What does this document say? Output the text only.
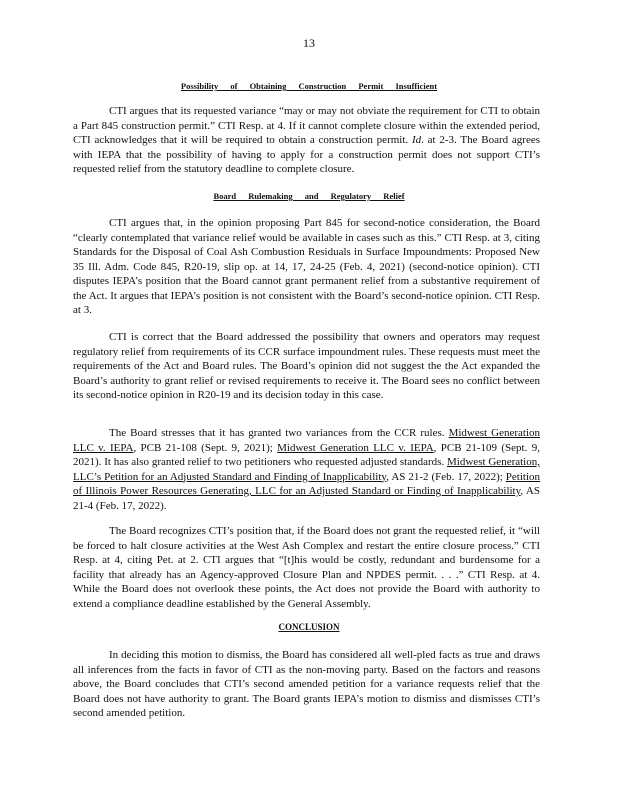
13
Possibility of Obtaining Construction Permit Insufficient

CTI argues that its requested variance “may or may not obviate the requirement for CTI to obtain a Part 845 construction permit.” CTI Resp. at 4. If it cannot complete closure within the extended period, CTI acknowledges that it will be required to obtain a construction permit. Id. at 2-3. The Board agrees with IEPA that the possibility of having to apply for a construction permit does not support CTI’s requested relief from the statutory deadline to complete closure.

Board Rulemaking and Regulatory Relief

CTI argues that, in the opinion proposing Part 845 for second-notice consideration, the Board “clearly contemplated that variance relief would be available in cases such as this.” CTI Resp. at 3, citing Standards for the Disposal of Coal Ash Combustion Residuals in Surface Impoundments: Proposed New 35 Ill. Adm. Code 845, R20-19, slip op. at 14, 17, 24-25 (Feb. 4, 2021) (second-notice opinion). CTI disputes IEPA’s position that the Board cannot grant permanent relief from a substantive requirement of the Act. It argues that IEPA’s position is not consistent with the Board’s second-notice opinion. CTI Resp. at 3.

CTI is correct that the Board addressed the possibility that owners and operators may request regulatory relief from requirements of its CCR surface impoundment rules. These requests must meet the requirements of the Act and Board rules. The Board’s opinion did not suggest the the Act expanded the Board’s authority to grant relief or revised requirements to receive it. The Board sees no conflict between its second-notice opinion in R20-19 and its decision today in this case.

The Board stresses that it has granted two variances from the CCR rules. Midwest Generation LLC v. IEPA, PCB 21-108 (Sept. 9, 2021); Midwest Generation LLC v. IEPA, PCB 21-109 (Sept. 9, 2021). It has also granted relief to two petitioners who requested adjusted standards. Midwest Generation, LLC’s Petition for an Adjusted Standard and Finding of Inapplicability, AS 21-2 (Feb. 17, 2022); Petition of Illinois Power Resources Generating, LLC for an Adjusted Standard or Finding of Inapplicability, AS 21-4 (Feb. 17, 2022).

The Board recognizes CTI’s position that, if the Board does not grant the requested relief, it “will be forced to halt closure activities at the West Ash Complex and restart the entire closure process.” CTI Resp. at 4, citing Pet. at 2. CTI argues that “[t]his would be costly, redundant and burdensome for a facility that already has an Agency-approved Closure Plan and NPDES permit. . . .” CTI Resp. at 4. While the Board does not overlook these points, the Act does not provide the Board with authority to extend a compliance deadline established by the General Assembly.

CONCLUSION

In deciding this motion to dismiss, the Board has considered all well-pled facts as true and draws all inferences from the facts in favor of CTI as the non-moving party. Based on the factors and reasons above, the Board concludes that CTI’s second amended petition for a variance requests relief that the Board does not have authority to grant. The Board grants IEPA’s motion to dismiss and dismisses CTI’s second amended petition.
